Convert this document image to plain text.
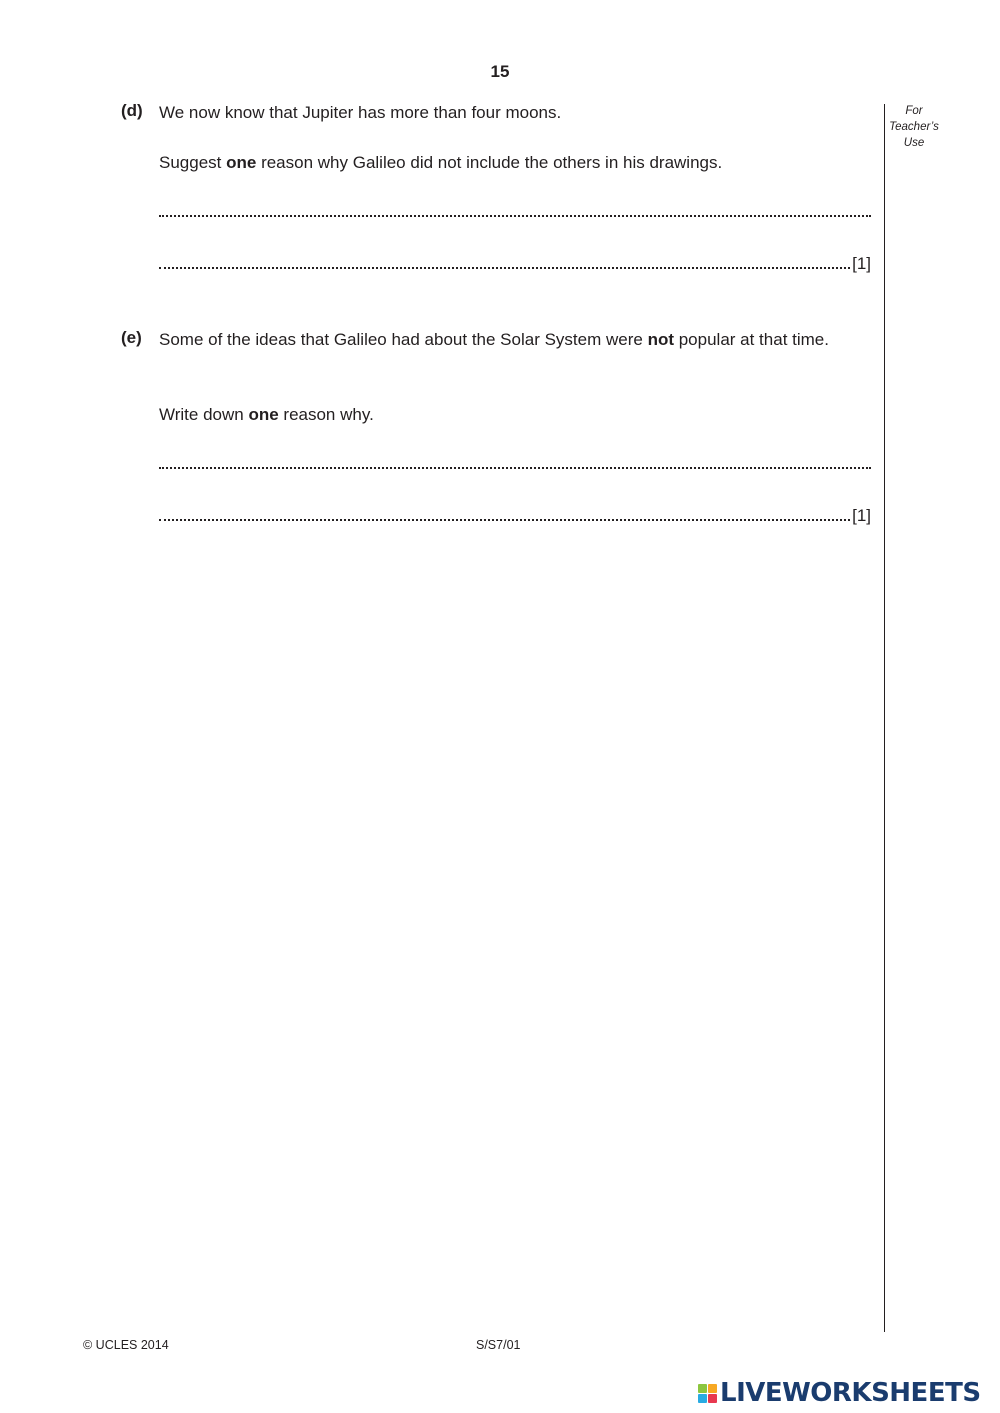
15
For
Teacher’s
Use
(d) We now know that Jupiter has more than four moons.
Suggest one reason why Galileo did not include the others in his drawings.
[1]
(e) Some of the ideas that Galileo had about the Solar System were not popular at that time.
Write down one reason why.
[1]
© UCLES 2014	S/S7/01
LIVEWORKSHEETS
